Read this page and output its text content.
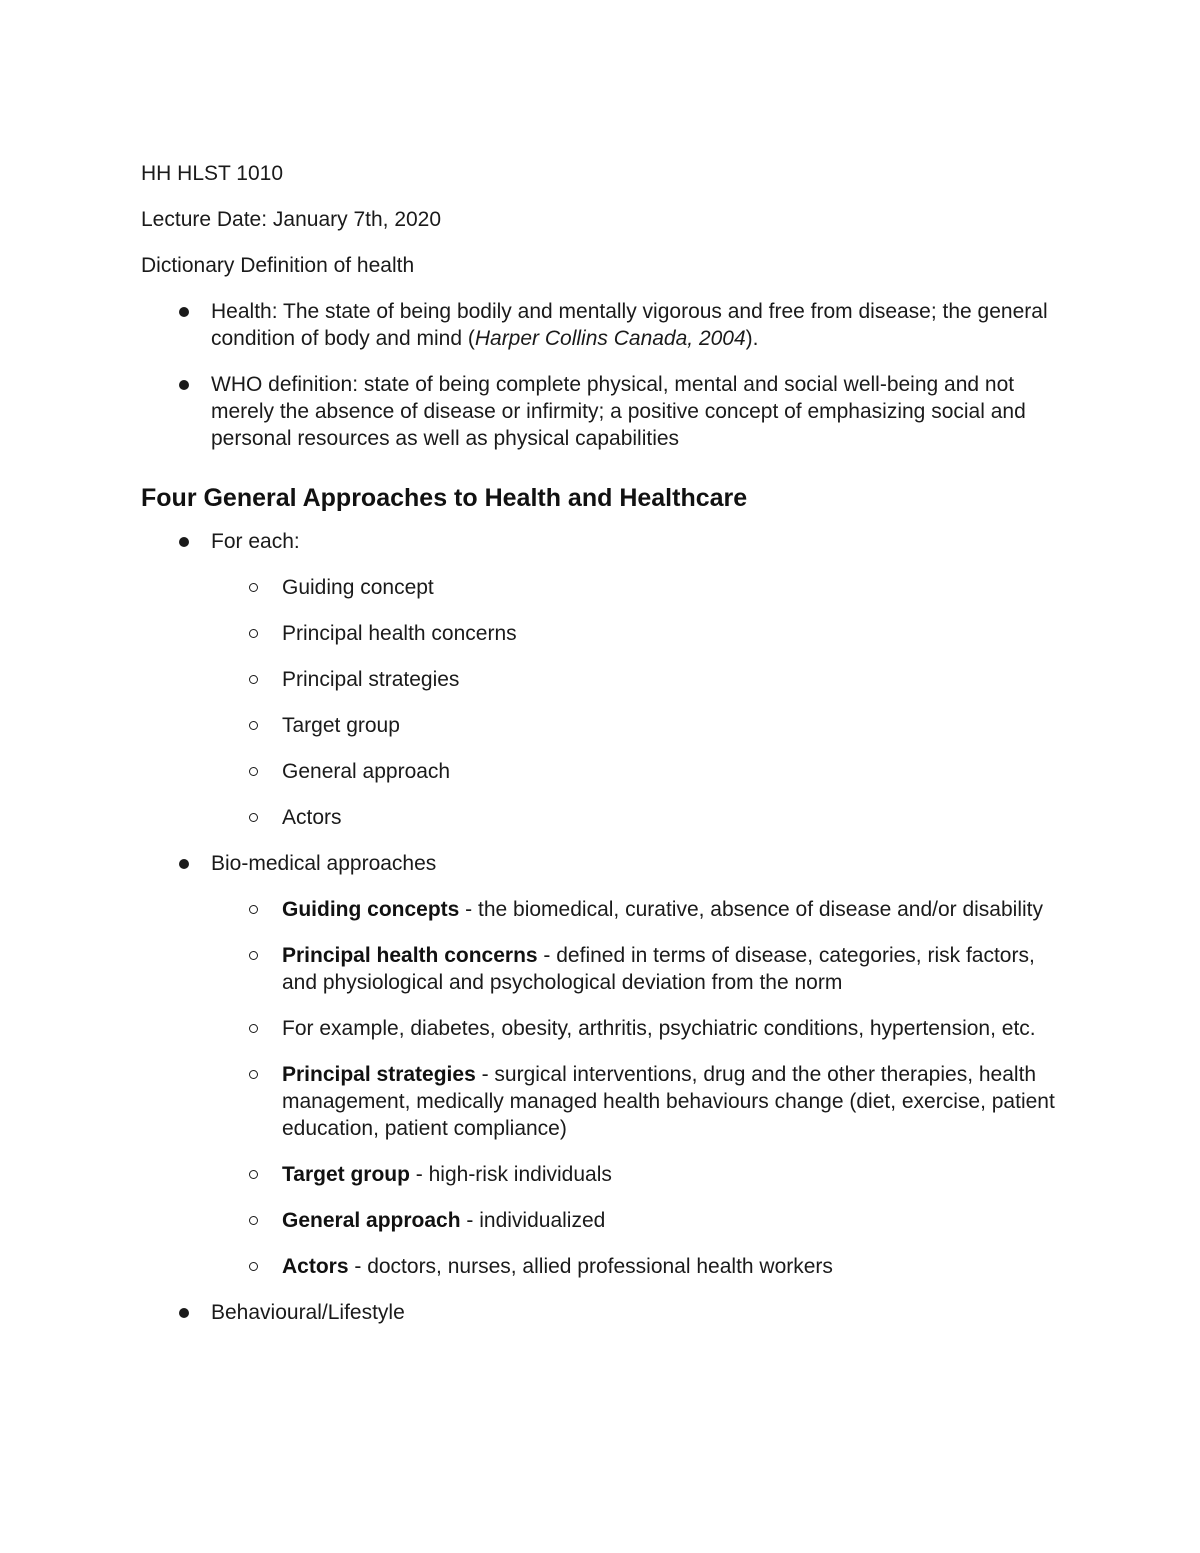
HH HLST 1010

Lecture Date: January 7th, 2020

Dictionary Definition of health

Health: The state of being bodily and mentally vigorous and free from disease; the general condition of body and mind (Harper Collins Canada, 2004).
WHO definition: state of being complete physical, mental and social well-being and not merely the absence of disease or infirmity; a positive concept of emphasizing social and personal resources as well as physical capabilities
Four General Approaches to Health and Healthcare
For each:
Guiding concept
Principal health concerns
Principal strategies
Target group
General approach
Actors
Bio-medical approaches
Guiding concepts - the biomedical, curative, absence of disease and/or disability
Principal health concerns - defined in terms of disease, categories, risk factors, and physiological and psychological deviation from the norm
For example, diabetes, obesity, arthritis, psychiatric conditions, hypertension, etc.
Principal strategies - surgical interventions, drug and the other therapies, health management, medically managed health behaviours change (diet, exercise, patient education, patient compliance)
Target group - high-risk individuals
General approach - individualized
Actors - doctors, nurses, allied professional health workers
Behavioural/Lifestyle
